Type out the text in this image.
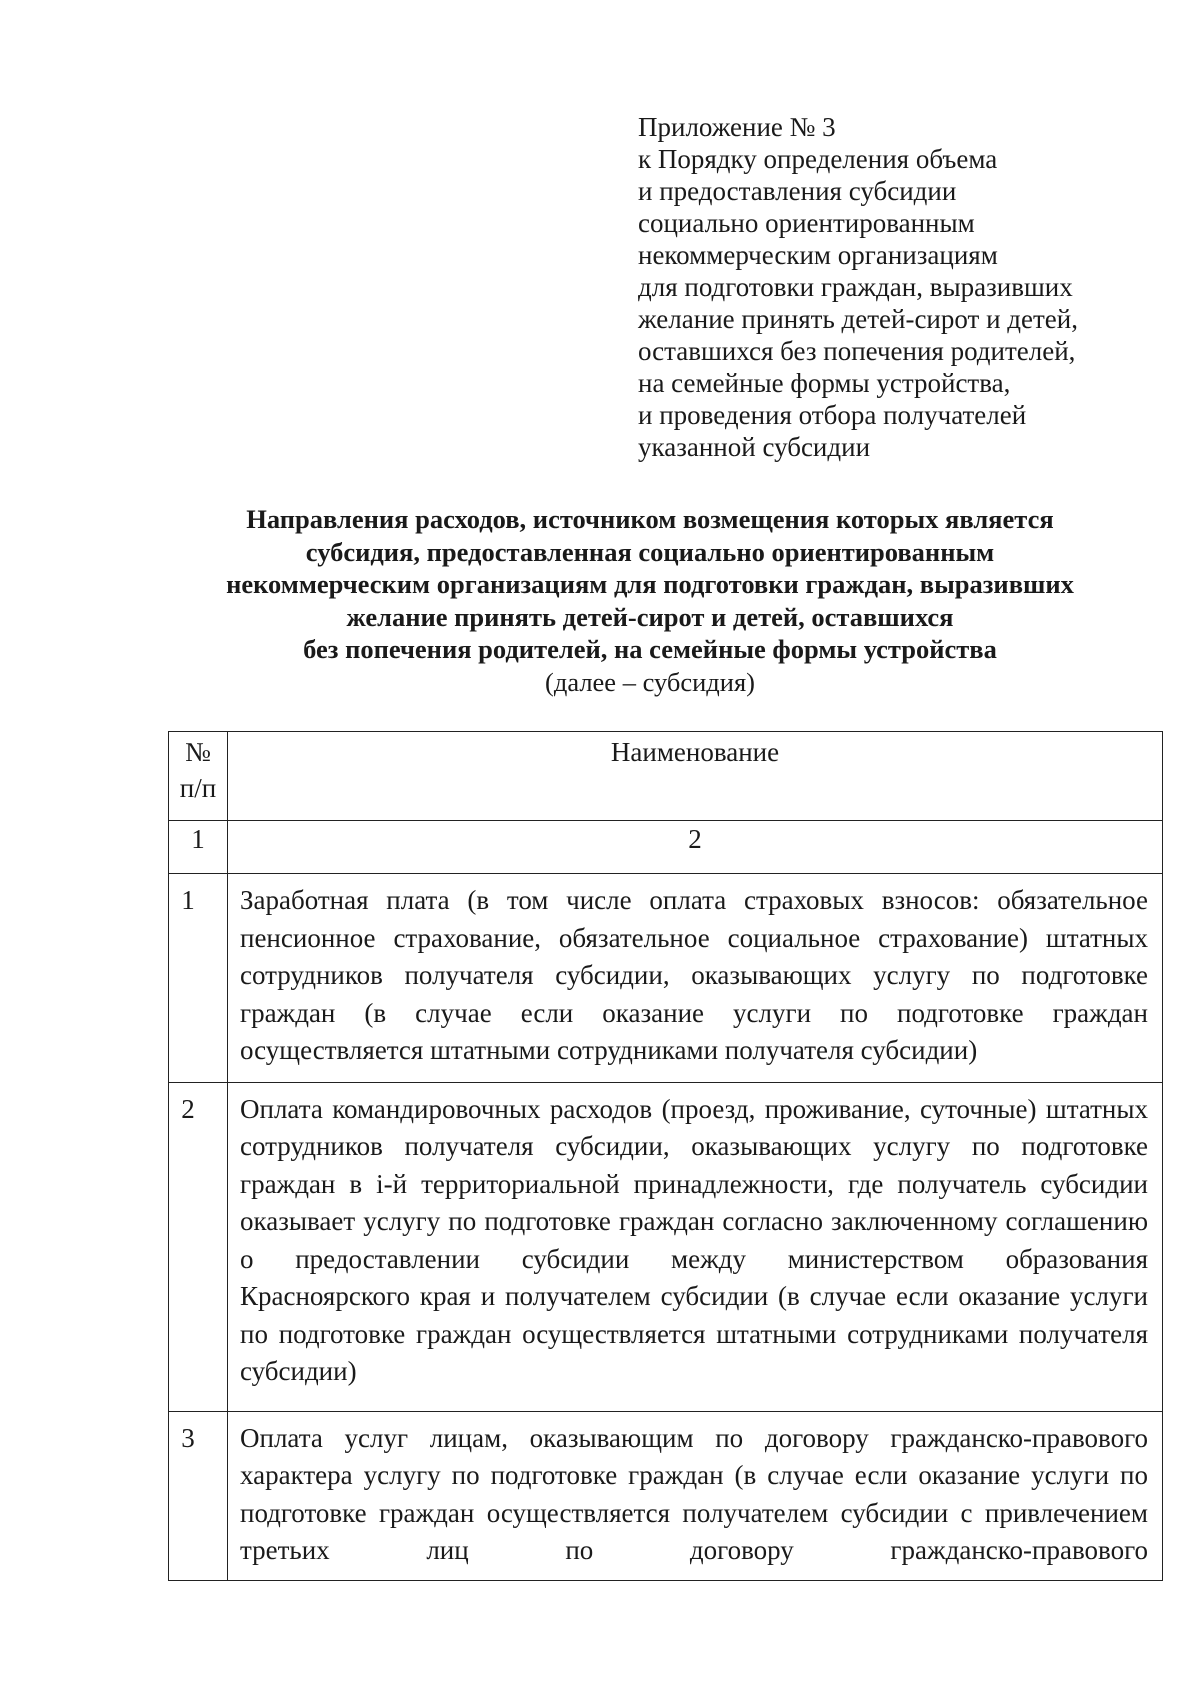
Приложение № 3
к Порядку определения объема
и предоставления субсидии
социально ориентированным
некоммерческим организациям
для подготовки граждан, выразивших
желание принять детей-сирот и детей,
оставшихся без попечения родителей,
на семейные формы устройства,
и проведения отбора получателей
указанной субсидии
Направления расходов, источником возмещения которых является
субсидия, предоставленная социально ориентированным
некоммерческим организациям для подготовки граждан, выразивших
желание принять детей-сирот и детей, оставшихся
без попечения родителей, на семейные формы устройства
(далее – субсидия)
№
п/п	Наименование
1	2
1	Заработная плата (в том числе оплата страховых взносов: обязательное пенсионное страхование, обязательное социальное страхование) штатных сотрудников получателя субсидии, оказывающих услугу по подготовке граждан (в случае если оказание услуги по подготовке граждан осуществляется штатными сотрудниками получателя субсидии)
2	Оплата командировочных расходов (проезд, проживание, суточные) штатных сотрудников получателя субсидии, оказывающих услугу по подготовке граждан в i-й территориальной принадлежности, где получатель субсидии оказывает услугу по подготовке граждан согласно заключенному соглашению о предоставлении субсидии между министерством образования Красноярского края и получателем субсидии (в случае если оказание услуги по подготовке граждан осуществляется штатными сотрудниками получателя субсидии)
3	Оплата услуг лицам, оказывающим по договору гражданско-правового характера услугу по подготовке граждан (в случае если оказание услуги по подготовке граждан осуществляется получателем субсидии с привлечением третьих лиц по договору гражданско-правового
